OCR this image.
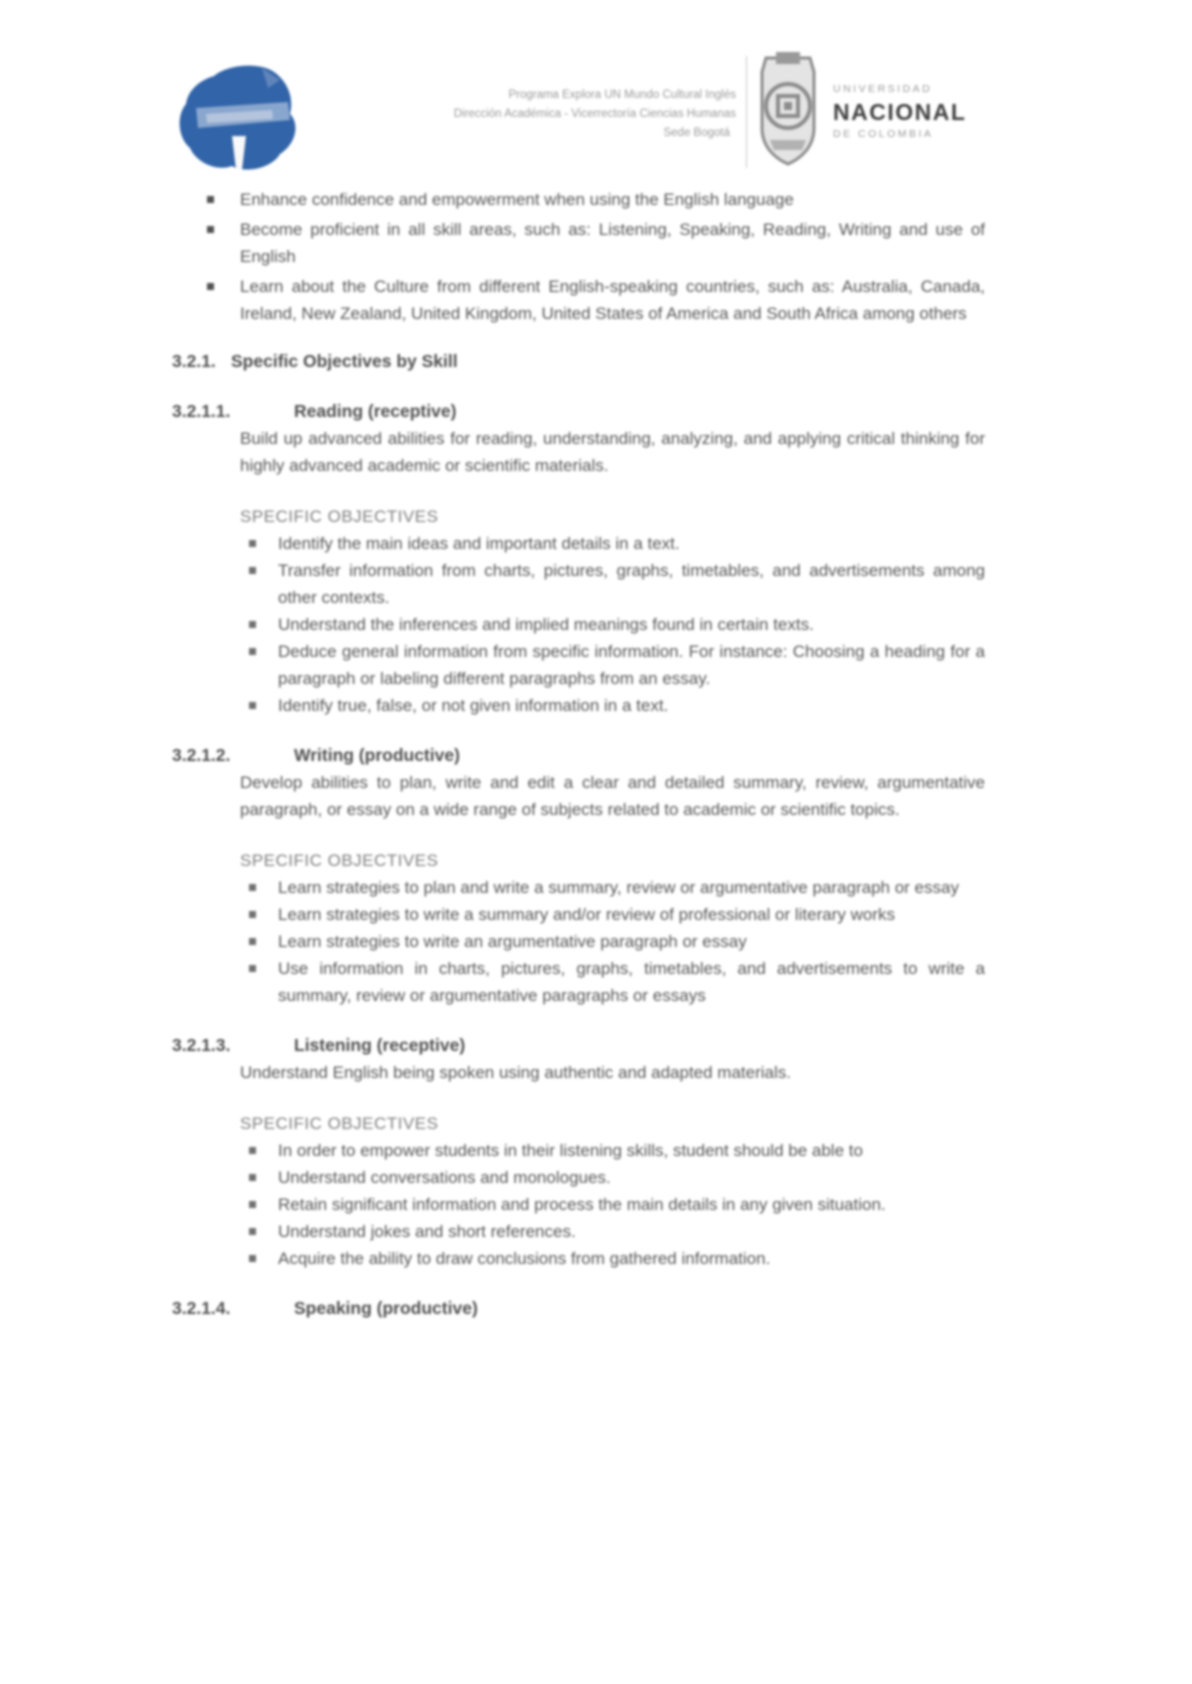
Programa Explora UN Mundo Cultural Inglés
Dirección Académica - Vicerrectoría Ciencias Humanas
Sede Bogotá
UNIVERSIDAD
NACIONAL
DE COLOMBIA
Enhance confidence and empowerment when using the English language
Become proficient in all skill areas, such as: Listening, Speaking, Reading, Writing and use of English
Learn about the Culture from different English-speaking countries, such as: Australia, Canada, Ireland, New Zealand, United Kingdom, United States of America and South Africa among others
3.2.1. Specific Objectives by Skill
3.2.1.1.	Reading (receptive)

Build up advanced abilities for reading, understanding, analyzing, and applying critical thinking for highly advanced academic or scientific materials.

SPECIFIC OBJECTIVES
Identify the main ideas and important details in a text.
Transfer information from charts, pictures, graphs, timetables, and advertisements among other contexts.
Understand the inferences and implied meanings found in certain texts.
Deduce general information from specific information. For instance: Choosing a heading for a paragraph or labeling different paragraphs from an essay.
Identify true, false, or not given information in a text.
3.2.1.2.	Writing (productive)

Develop abilities to plan, write and edit a clear and detailed summary, review, argumentative paragraph, or essay on a wide range of subjects related to academic or scientific topics.

SPECIFIC OBJECTIVES
Learn strategies to plan and write a summary, review or argumentative paragraph or essay
Learn strategies to write a summary and/or review of professional or literary works
Learn strategies to write an argumentative paragraph or essay
Use information in charts, pictures, graphs, timetables, and advertisements to write a summary, review or argumentative paragraphs or essays
3.2.1.3.	Listening (receptive)

Understand English being spoken using authentic and adapted materials.

SPECIFIC OBJECTIVES
In order to empower students in their listening skills, student should be able to
Understand conversations and monologues.
Retain significant information and process the main details in any given situation.
Understand jokes and short references.
Acquire the ability to draw conclusions from gathered information.
3.2.1.4.	Speaking (productive)
